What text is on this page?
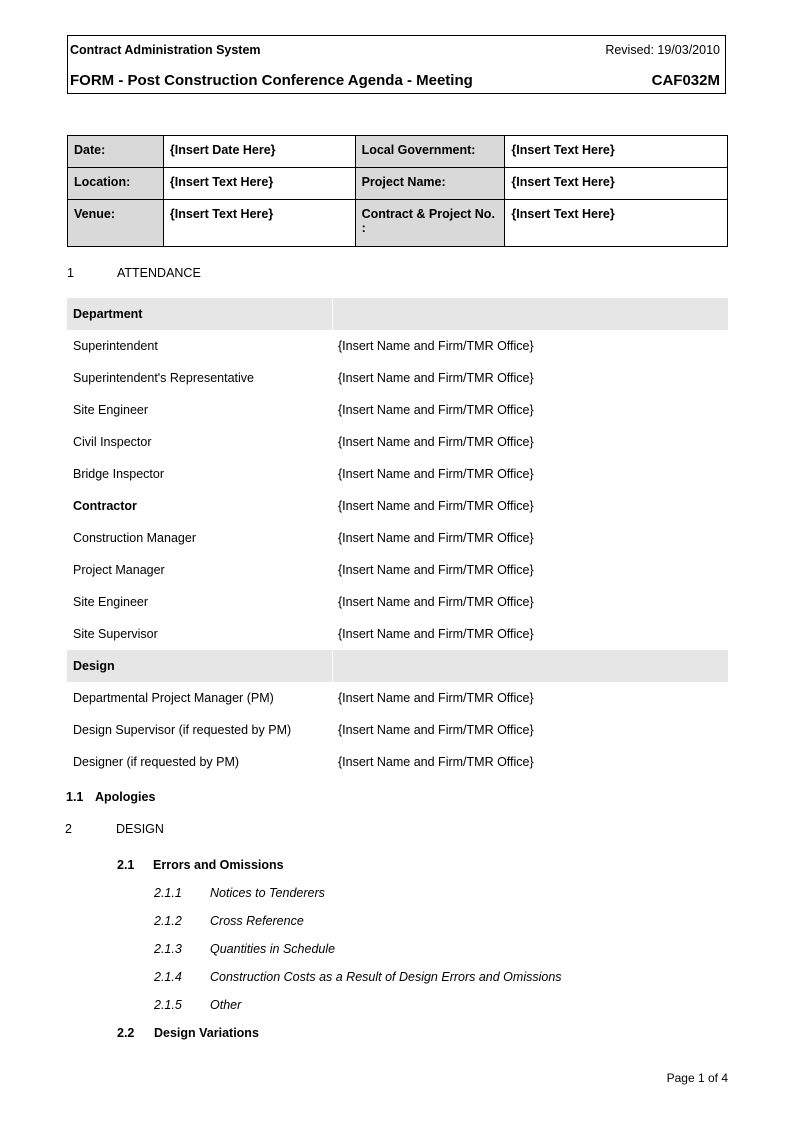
Contract Administration System	Revised: 19/03/2010
FORM - Post Construction Conference Agenda - Meeting	CAF032M
Date:	{Insert Date Here}	Local Government:	{Insert Text Here}
Location:	{Insert Text Here}	Project Name:	{Insert Text Here}
Venue:	{Insert Text Here}	Contract & Project No. :	{Insert Text Here}
1	ATTENDANCE
Department	
Superintendent	{Insert Name and Firm/TMR Office}
Superintendent's Representative	{Insert Name and Firm/TMR Office}
Site Engineer	{Insert Name and Firm/TMR Office}
Civil Inspector	{Insert Name and Firm/TMR Office}
Bridge Inspector	{Insert Name and Firm/TMR Office}
Contractor	{Insert Name and Firm/TMR Office}
Construction Manager	{Insert Name and Firm/TMR Office}
Project Manager	{Insert Name and Firm/TMR Office}
Site Engineer	{Insert Name and Firm/TMR Office}
Site Supervisor	{Insert Name and Firm/TMR Office}
Design	
Departmental Project Manager (PM)	{Insert Name and Firm/TMR Office}
Design Supervisor (if requested by PM)	{Insert Name and Firm/TMR Office}
Designer (if requested by PM)	{Insert Name and Firm/TMR Office}
1.1 Apologies
2	DESIGN
2.1 Errors and Omissions
2.1.1 Notices to Tenderers
2.1.2 Cross Reference
2.1.3 Quantities in Schedule
2.1.4 Construction Costs as a Result of Design Errors and Omissions
2.1.5 Other
2.2 Design Variations
Page 1 of 4
